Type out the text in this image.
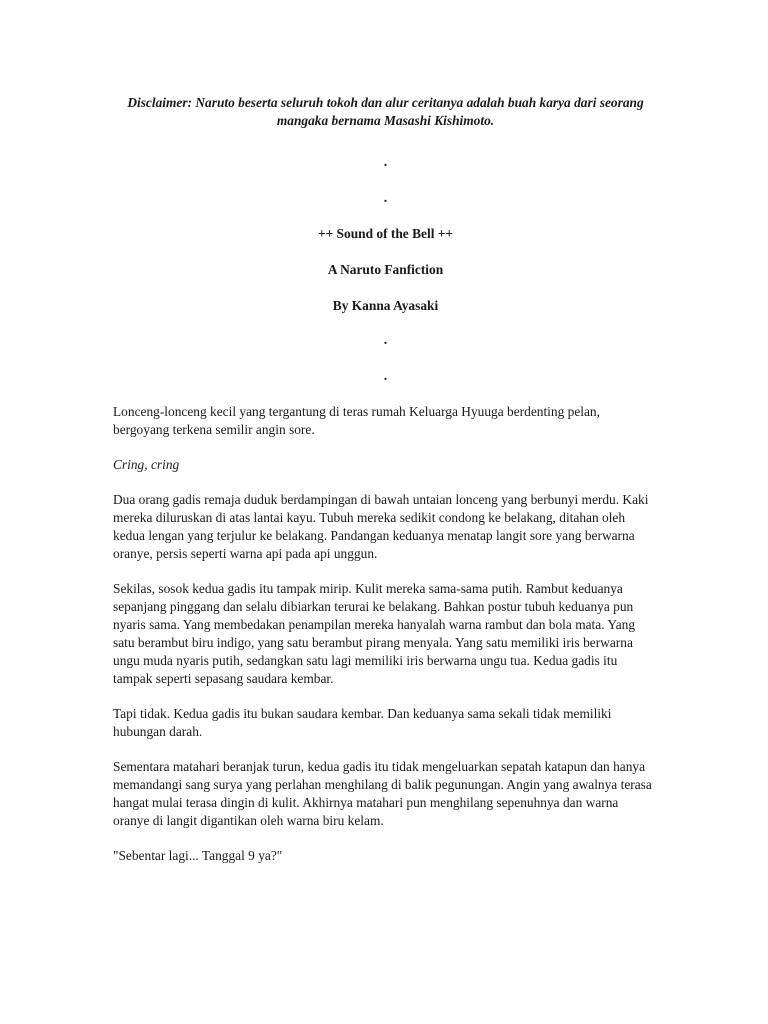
Disclaimer: Naruto beserta seluruh tokoh dan alur ceritanya adalah buah karya dari seorang mangaka bernama Masashi Kishimoto.

.

.

++ Sound of the Bell ++

A Naruto Fanfiction

By Kanna Ayasaki

.

.

Lonceng-lonceng kecil yang tergantung di teras rumah Keluarga Hyuuga berdenting pelan, bergoyang terkena semilir angin sore.

Cring, cring

Dua orang gadis remaja duduk berdampingan di bawah untaian lonceng yang berbunyi merdu. Kaki mereka diluruskan di atas lantai kayu. Tubuh mereka sedikit condong ke belakang, ditahan oleh kedua lengan yang terjulur ke belakang. Pandangan keduanya menatap langit sore yang berwarna oranye, persis seperti warna api pada api unggun.

Sekilas, sosok kedua gadis itu tampak mirip. Kulit mereka sama-sama putih. Rambut keduanya sepanjang pinggang dan selalu dibiarkan terurai ke belakang. Bahkan postur tubuh keduanya pun nyaris sama. Yang membedakan penampilan mereka hanyalah warna rambut dan bola mata. Yang satu berambut biru indigo, yang satu berambut pirang menyala. Yang satu memiliki iris berwarna ungu muda nyaris putih, sedangkan satu lagi memiliki iris berwarna ungu tua. Kedua gadis itu tampak seperti sepasang saudara kembar.

Tapi tidak. Kedua gadis itu bukan saudara kembar. Dan keduanya sama sekali tidak memiliki hubungan darah.

Sementara matahari beranjak turun, kedua gadis itu tidak mengeluarkan sepatah katapun dan hanya memandangi sang surya yang perlahan menghilang di balik pegunungan. Angin yang awalnya terasa hangat mulai terasa dingin di kulit. Akhirnya matahari pun menghilang sepenuhnya dan warna oranye di langit digantikan oleh warna biru kelam.

"Sebentar lagi... Tanggal 9 ya?"
